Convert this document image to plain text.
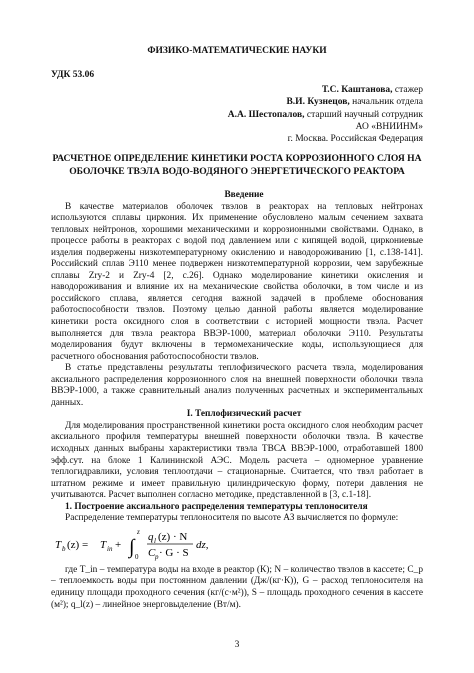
ФИЗИКО-МАТЕМАТИЧЕСКИЕ НАУКИ
УДК 53.06
Т.С. Каштанова, стажер
В.И. Кузнецов, начальник отдела
А.А. Шестопалов, старший научный сотрудник
АО «ВНИИНМ»
г. Москва. Российская Федерация
РАСЧЕТНОЕ ОПРЕДЕЛЕНИЕ КИНЕТИКИ РОСТА КОРРОЗИОННОГО СЛОЯ НА ОБОЛОЧКЕ ТВЭЛА ВОДО-ВОДЯНОГО ЭНЕРГЕТИЧЕСКОГО РЕАКТОРА

Введение

В качестве материалов оболочек твэлов в реакторах на тепловых нейтронах используются сплавы циркония. Их применение обусловлено малым сечением захвата тепловых нейтронов, хорошими механическими и коррозионными свойствами. Однако, в процессе работы в реакторах с водой под давлением или с кипящей водой, циркониевые изделия подвержены низкотемпературному окислению и наводороживанию [1, с.138-141]. Российский сплав Э110 менее подвержен низкотемпературной коррозии, чем зарубежные сплавы Zry-2 и Zry-4 [2, с.26]. Однако моделирование кинетики окисления и наводороживания и влияние их на механические свойства оболочки, в том числе и из российского сплава, является сегодня важной задачей в проблеме обоснования работоспособности твэлов. Поэтому целью данной работы является моделирование кинетики роста оксидного слоя в соответствии с историей мощности твэла. Расчет выполняется для твэла реактора ВВЭР-1000, материал оболочки Э110. Результаты моделирования будут включены в термомеханические коды, использующиеся для расчетного обоснования работоспособности твэлов.

В статье представлены результаты теплофизического расчета твэла, моделирования аксиального распределения коррозионного слоя на внешней поверхности оболочки твэла ВВЭР-1000, а также сравнительный анализ полученных расчетных и экспериментальных данных.

I. Теплофизический расчет

Для моделирования пространственной кинетики роста оксидного слоя необходим расчет аксиального профиля температуры внешней поверхности оболочки твэла. В качестве исходных данных выбраны характеристики твэла ТВСА ВВЭР-1000, отработавшей 1800 эфф.сут. на блоке 1 Калининской АЭС. Модель расчета – одномерное уравнение теплогидравлики, условия теплоотдачи – стационарные. Считается, что твэл работает в штатном режиме и имеет правильную цилиндрическую форму, потери давления не учитываются. Расчет выполнен согласно методике, представленной в [3, с.1-18].

1. Построение аксиального распределения температуры теплоносителя

Распределение температуры теплоносителя по высоте АЗ вычисляется по формуле:

T b (z) = T in + ∫
z
0
q l (z) · N
C p · G · S
dz,

где T_in – температура воды на входе в реактор (К); N – количество твэлов в кассете; C_p – теплоемкость воды при постоянном давлении (Дж/(кг·К)), G – расход теплоносителя на единицу площади проходного сечения (кг/(с·м²)), S – площадь проходного сечения в кассете (м²); q_l(z) – линейное энерговыделение (Вт/м).

3
